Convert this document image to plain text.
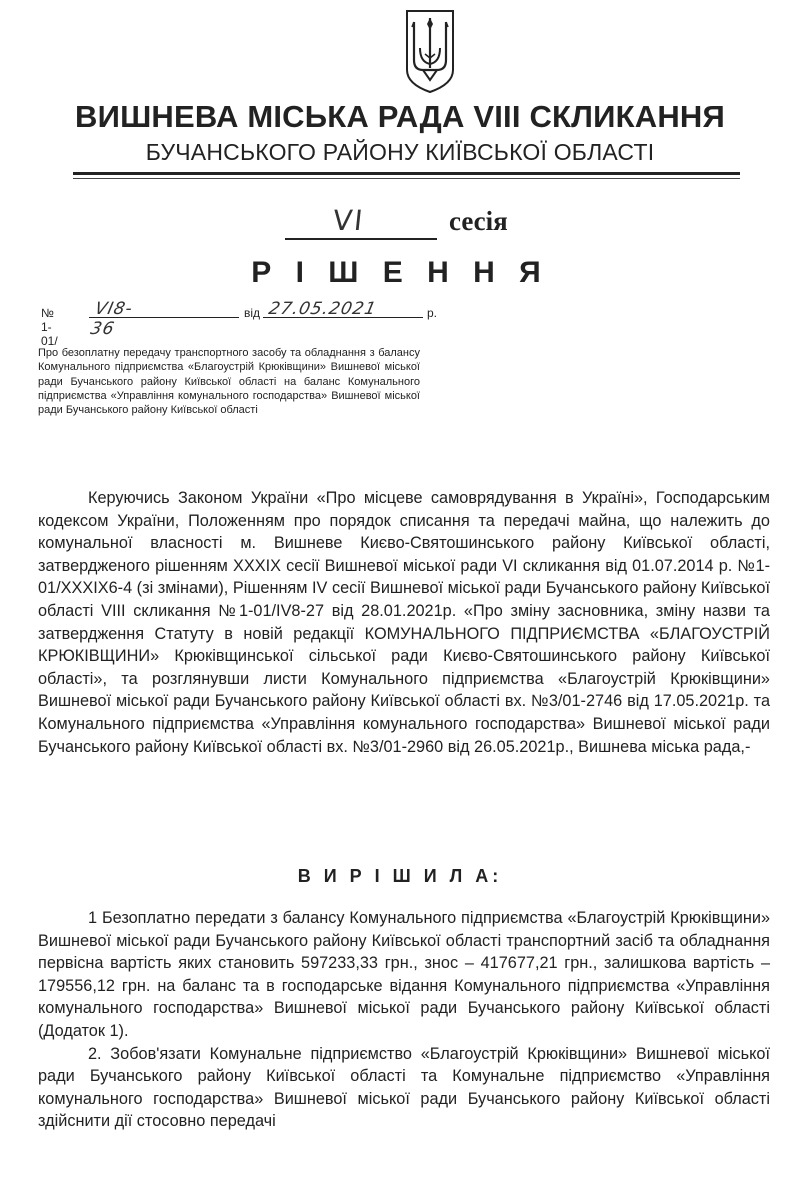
ВИШНЕВА МІСЬКА РАДА VIII СКЛИКАННЯ
БУЧАНСЬКОГО РАЙОНУ КИЇВСЬКОЇ ОБЛАСТІ
VI	сесія
Р І Ш Е Н Н Я
№ 1-01/
VI8-36
від 27.05.2021	р.
Про безоплатну передачу транспортного засобу та обладнання з балансу Комунального підприємства «Благоустрій Крюківщини» Вишневої міської ради Бучанського району Київської області на баланс Комунального підприємства «Управління комунального господарства» Вишневої міської ради Бучанського району Київської області

Керуючись Законом України «Про місцеве самоврядування в Україні», Господарським кодексом України, Положенням про порядок списання та передачі майна, що належить до комунальної власності м. Вишневе Києво-Святошинського району Київської області, затвердженого рішенням XXXIX сесії Вишневої міської ради VI скликання від 01.07.2014 р. №1-01/XXXIX6-4 (зі змінами), Рішенням IV сесії Вишневої міської ради Бучанського району Київської області VIII скликання №1-01/IV8-27 від 28.01.2021р. «Про зміну засновника, зміну назви та затвердження Статуту в новій редакції КОМУНАЛЬНОГО ПІДПРИЄМСТВА «БЛАГОУСТРІЙ КРЮКІВЩИНИ» Крюківщинської сільської ради Києво-Святошинського району Київської області», та розглянувши листи Комунального підприємства «Благоустрій Крюківщини» Вишневої міської ради Бучанського району Київської області вх. №3/01-2746 від 17.05.2021р. та Комунального підприємства «Управління комунального господарства» Вишневої міської ради Бучанського району Київської області вх. №3/01-2960 від 26.05.2021р., Вишнева міська рада,-

В И Р І Ш И Л А:

1 Безоплатно передати з балансу Комунального підприємства «Благоустрій Крюківщини» Вишневої міської ради Бучанського району Київської області транспортний засіб та обладнання первісна вартість яких становить 597233,33 грн., знос – 417677,21 грн., залишкова вартість – 179556,12 грн. на баланс та в господарське відання Комунального підприємства «Управління комунального господарства» Вишневої міської ради Бучанського району Київської області (Додаток 1).

2. Зобов'язати Комунальне підприємство «Благоустрій Крюківщини» Вишневої міської ради Бучанського району Київської області та Комунальне підприємство «Управління комунального господарства» Вишневої міської ради Бучанського району Київської області здійснити дії стосовно передачі
